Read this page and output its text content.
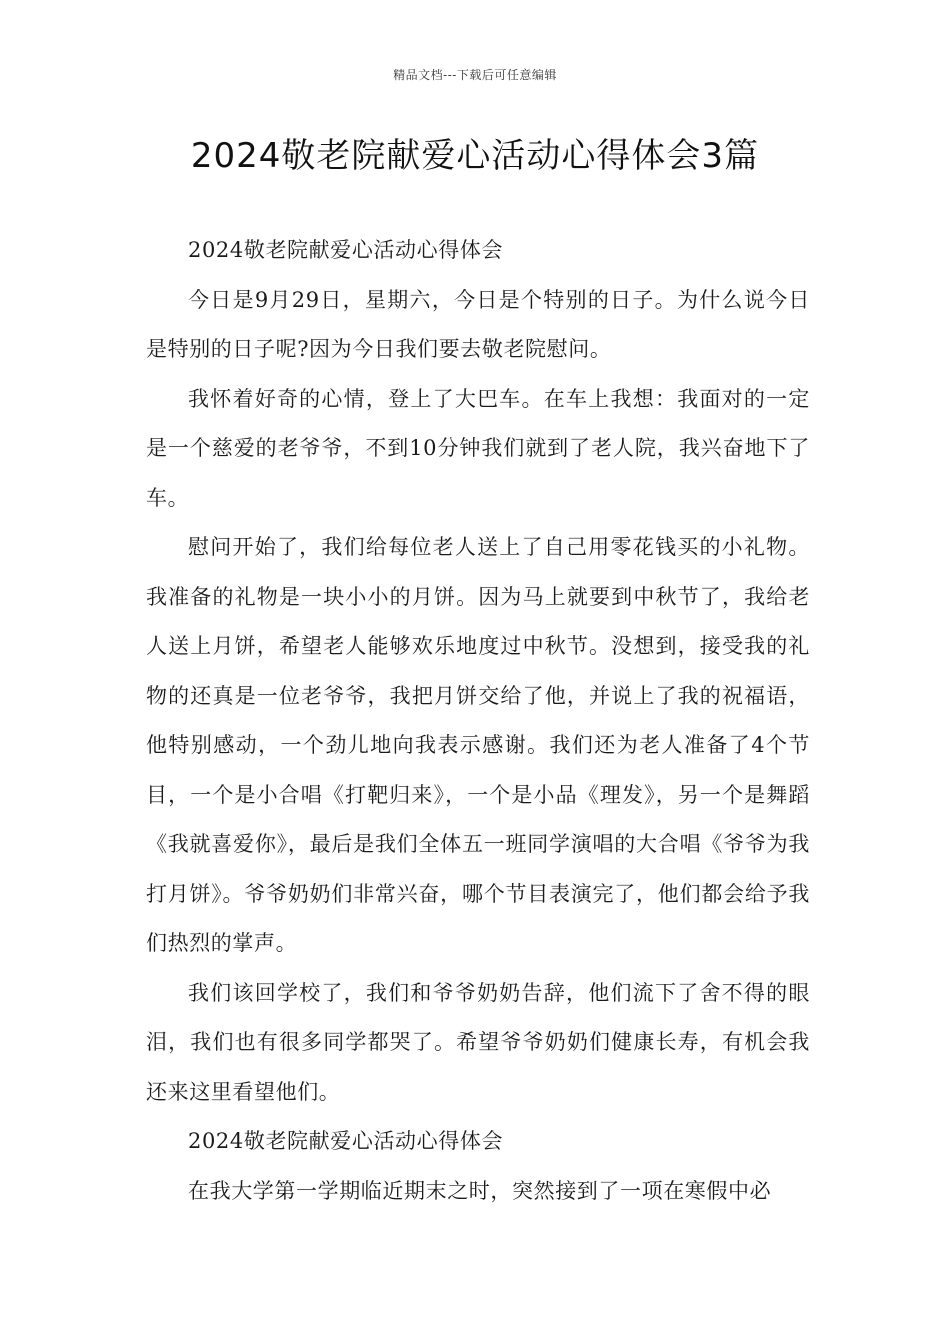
精品文档---下载后可任意编辑
2024敬老院献爱心活动心得体会3篇

2024敬老院献爱心活动心得体会

今日是9月29日，星期六，今日是个特别的日子。为什么说今日是特别的日子呢?因为今日我们要去敬老院慰问。

我怀着好奇的心情，登上了大巴车。在车上我想：我面对的一定是一个慈爱的老爷爷，不到10分钟我们就到了老人院，我兴奋地下了车。

慰问开始了，我们给每位老人送上了自己用零花钱买的小礼物。我准备的礼物是一块小小的月饼。因为马上就要到中秋节了，我给老人送上月饼，希望老人能够欢乐地度过中秋节。没想到，接受我的礼物的还真是一位老爷爷，我把月饼交给了他，并说上了我的祝福语，他特别感动，一个劲儿地向我表示感谢。我们还为老人准备了4个节目，一个是小合唱《打靶归来》，一个是小品《理发》，另一个是舞蹈《我就喜爱你》，最后是我们全体五一班同学演唱的大合唱《爷爷为我打月饼》。爷爷奶奶们非常兴奋，哪个节目表演完了，他们都会给予我们热烈的掌声。

我们该回学校了，我们和爷爷奶奶告辞，他们流下了舍不得的眼泪，我们也有很多同学都哭了。希望爷爷奶奶们健康长寿，有机会我还来这里看望他们。

2024敬老院献爱心活动心得体会

在我大学第一学期临近期末之时，突然接到了一项在寒假中必
